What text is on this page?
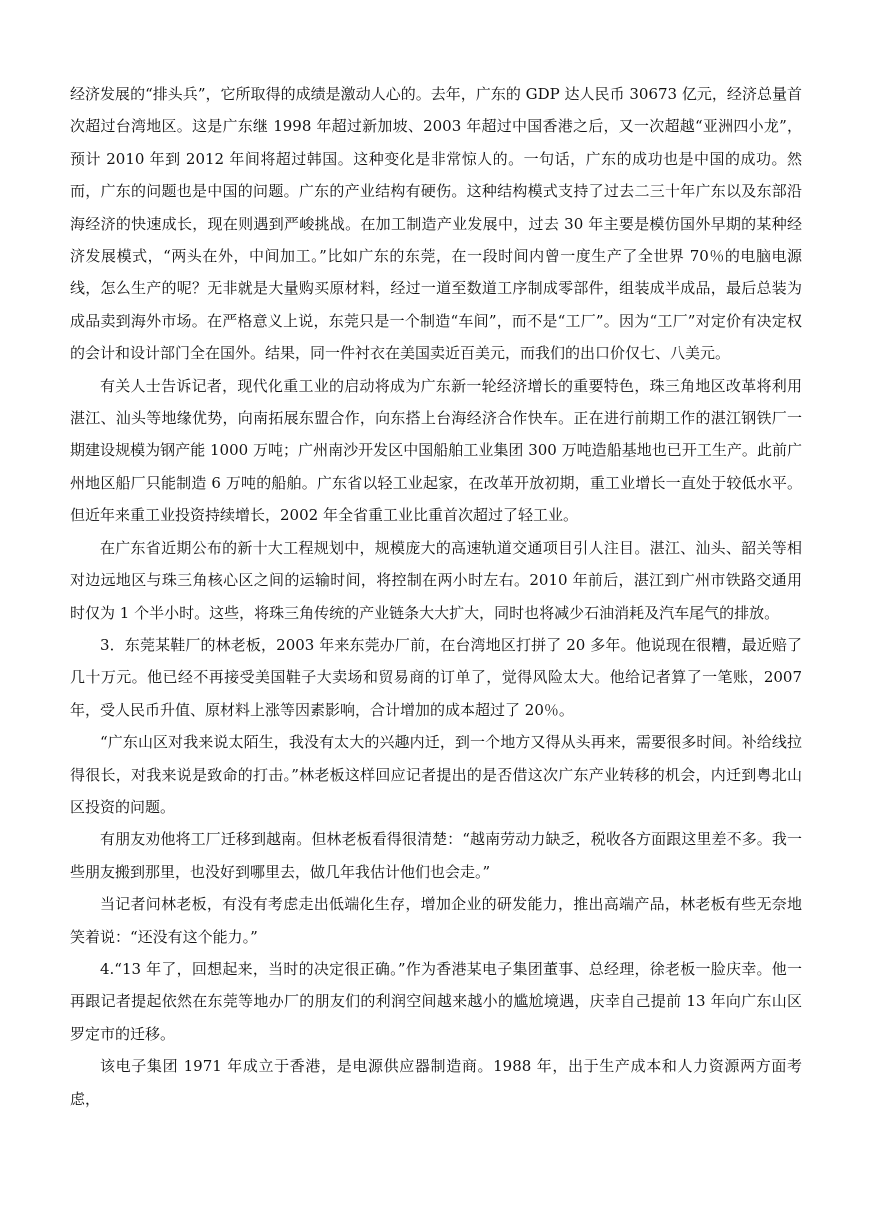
经济发展的“排头兵”，它所取得的成绩是激动人心的。去年，广东的 GDP 达人民币 30673 亿元，经济总量首次超过台湾地区。这是广东继 1998 年超过新加坡、2003 年超过中国香港之后，又一次超越“亚洲四小龙”，预计 2010 年到 2012 年间将超过韩国。这种变化是非常惊人的。一句话，广东的成功也是中国的成功。然而，广东的问题也是中国的问题。广东的产业结构有硬伤。这种结构模式支持了过去二三十年广东以及东部沿海经济的快速成长，现在则遇到严峻挑战。在加工制造产业发展中，过去 30 年主要是模仿国外早期的某种经济发展模式，“两头在外，中间加工。”比如广东的东莞，在一段时间内曾一度生产了全世界 70％的电脑电源线，怎么生产的呢？无非就是大量购买原材料，经过一道至数道工序制成零部件，组装成半成品，最后总装为成品卖到海外市场。在严格意义上说，东莞只是一个制造“车间”，而不是“工厂”。因为“工厂”对定价有决定权的会计和设计部门全在国外。结果，同一件衬衣在美国卖近百美元，而我们的出口价仅七、八美元。

有关人士告诉记者，现代化重工业的启动将成为广东新一轮经济增长的重要特色，珠三角地区改革将利用湛江、汕头等地缘优势，向南拓展东盟合作，向东搭上台海经济合作快车。正在进行前期工作的湛江钢铁厂一期建设规模为钢产能 1000 万吨；广州南沙开发区中国船舶工业集团 300 万吨造船基地也已开工生产。此前广州地区船厂只能制造 6 万吨的船舶。广东省以轻工业起家，在改革开放初期，重工业增长一直处于较低水平。但近年来重工业投资持续增长，2002 年全省重工业比重首次超过了轻工业。

在广东省近期公布的新十大工程规划中，规模庞大的高速轨道交通项目引人注目。湛江、汕头、韶关等相对边远地区与珠三角核心区之间的运输时间，将控制在两小时左右。2010 年前后，湛江到广州市铁路交通用时仅为 1 个半小时。这些，将珠三角传统的产业链条大大扩大，同时也将减少石油消耗及汽车尾气的排放。

3．东莞某鞋厂的林老板，2003 年来东莞办厂前，在台湾地区打拼了 20 多年。他说现在很糟，最近赔了几十万元。他已经不再接受美国鞋子大卖场和贸易商的订单了，觉得风险太大。他给记者算了一笔账，2007 年，受人民币升值、原材料上涨等因素影响，合计增加的成本超过了 20％。

“广东山区对我来说太陌生，我没有太大的兴趣内迁，到一个地方又得从头再来，需要很多时间。补给线拉得很长，对我来说是致命的打击。”林老板这样回应记者提出的是否借这次广东产业转移的机会，内迁到粤北山区投资的问题。

有朋友劝他将工厂迁移到越南。但林老板看得很清楚：“越南劳动力缺乏，税收各方面跟这里差不多。我一些朋友搬到那里，也没好到哪里去，做几年我估计他们也会走。”

当记者问林老板，有没有考虑走出低端化生存，增加企业的研发能力，推出高端产品，林老板有些无奈地笑着说：“还没有这个能力。”

4.“13 年了，回想起来，当时的决定很正确。”作为香港某电子集团董事、总经理，徐老板一脸庆幸。他一再跟记者提起依然在东莞等地办厂的朋友们的利润空间越来越小的尴尬境遇，庆幸自己提前 13 年向广东山区罗定市的迁移。

该电子集团 1971 年成立于香港，是电源供应器制造商。1988 年，出于生产成本和人力资源两方面考虑，
